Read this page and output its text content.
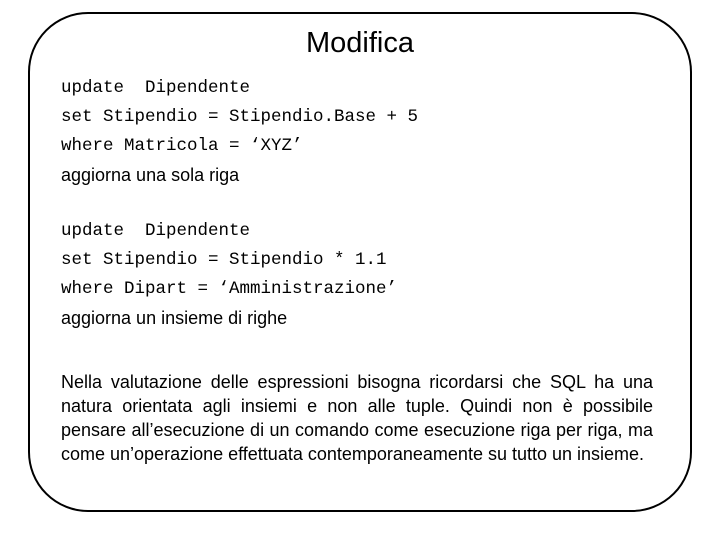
Modifica
update  Dipendente
set Stipendio = Stipendio.Base + 5
where Matricola = ‘XYZ’
aggiorna una sola riga
update  Dipendente
set Stipendio = Stipendio * 1.1
where Dipart = ‘Amministrazione’
aggiorna un insieme di righe
Nella valutazione delle espressioni bisogna ricordarsi che SQL ha una natura orientata agli insiemi e non alle tuple. Quindi non è possibile pensare all’esecuzione di un comando come esecuzione riga per riga, ma come un’operazione effettuata contemporaneamente su tutto un insieme.
